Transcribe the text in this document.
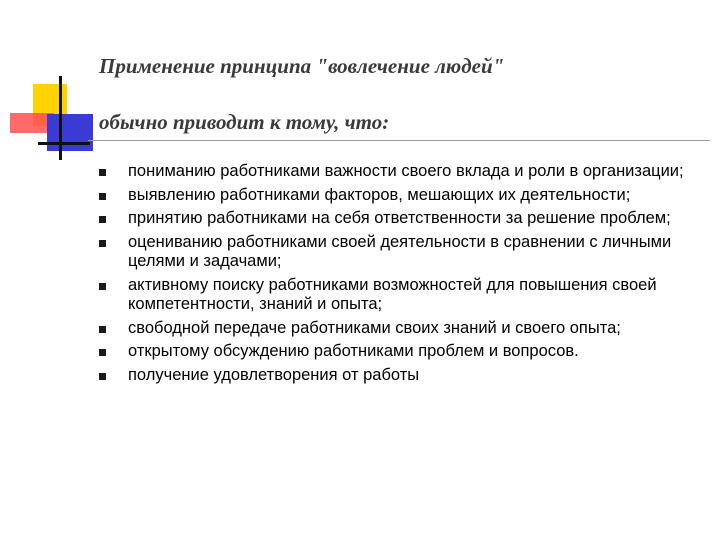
Применение принципа "вовлечение людей"
обычно приводит к тому, что:
пониманию работниками важности своего вклада и роли в организации;
выявлению работниками факторов, мешающих их деятельности;
принятию работниками на себя ответственности за решение проблем;
оцениванию работниками своей деятельности в сравнении с личными целями и задачами;
активному поиску работниками возможностей для повышения своей компетентности, знаний и опыта;
свободной передаче работниками своих знаний и своего опыта;
открытому обсуждению работниками проблем и вопросов.
получение удовлетворения от работы
